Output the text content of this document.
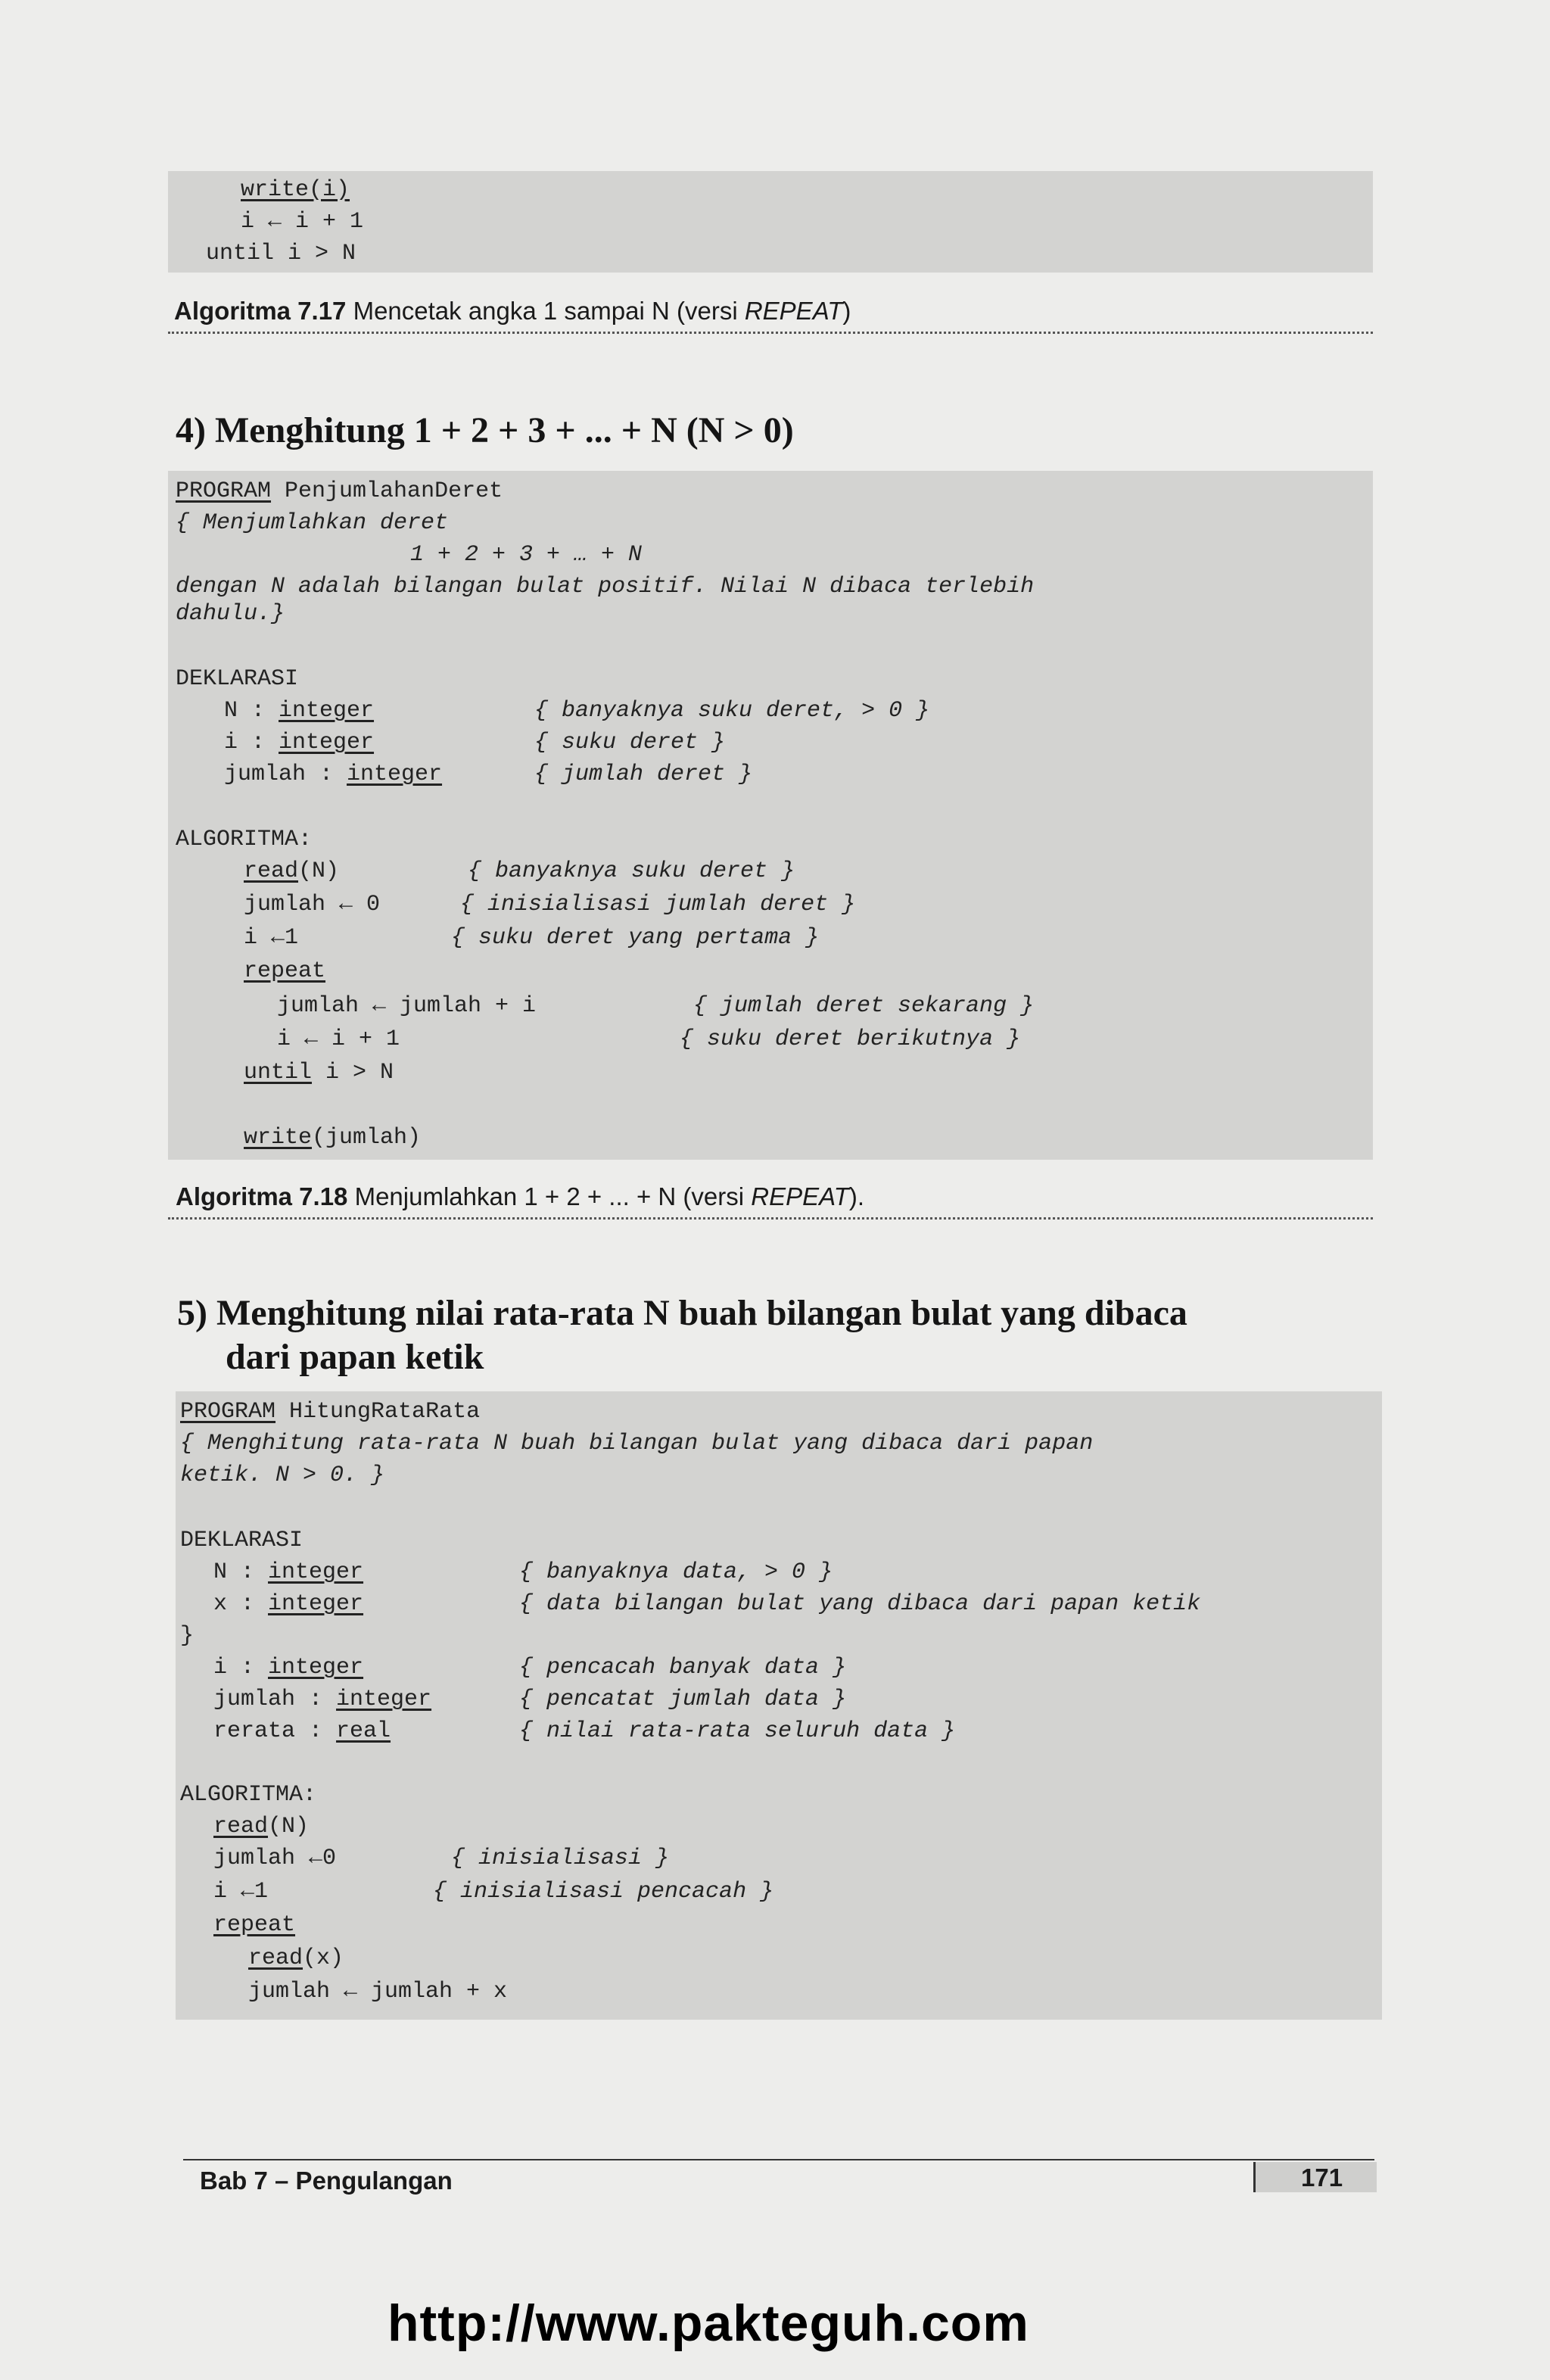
write(i)
i ← i + 1
until i > N
Algoritma 7.17 Mencetak angka 1 sampai N (versi REPEAT)
4) Menghitung 1 + 2 + 3 + ... + N (N > 0)
PROGRAM PenjumlahanDeret
{ Menjumlahkan deret
1 + 2 + 3 + … + N
dengan N adalah bilangan bulat positif. Nilai N dibaca terlebih
dahulu.}
DEKLARASI
N : integer	{ banyaknya suku deret, > 0 }
i : integer	{ suku deret }
jumlah : integer	{ jumlah deret }
ALGORITMA:
read(N)	{ banyaknya suku deret }
jumlah ← 0	{ inisialisasi jumlah deret }
i ←1	{ suku deret yang pertama }
repeat
jumlah ← jumlah + i	{ jumlah deret sekarang }
i ← i + 1	{ suku deret berikutnya }
until i > N
write(jumlah)
Algoritma 7.18 Menjumlahkan 1 + 2 + ... + N (versi REPEAT).
5) Menghitung nilai rata-rata N buah bilangan bulat yang dibaca
dari papan ketik
PROGRAM HitungRataRata
{ Menghitung rata-rata N buah bilangan bulat yang dibaca dari papan
ketik. N > 0. }
DEKLARASI
N : integer	{ banyaknya data, > 0 }
x : integer	{ data bilangan bulat yang dibaca dari papan ketik
}
i : integer	{ pencacah banyak data }
jumlah : integer	{ pencatat jumlah data }
rerata : real	{ nilai rata-rata seluruh data }
ALGORITMA:
read(N)
jumlah ←0	{ inisialisasi }
i ←1	{ inisialisasi pencacah }
repeat
read(x)
jumlah ← jumlah + x
Bab 7 – Pengulangan	171
http://www.pakteguh.com
